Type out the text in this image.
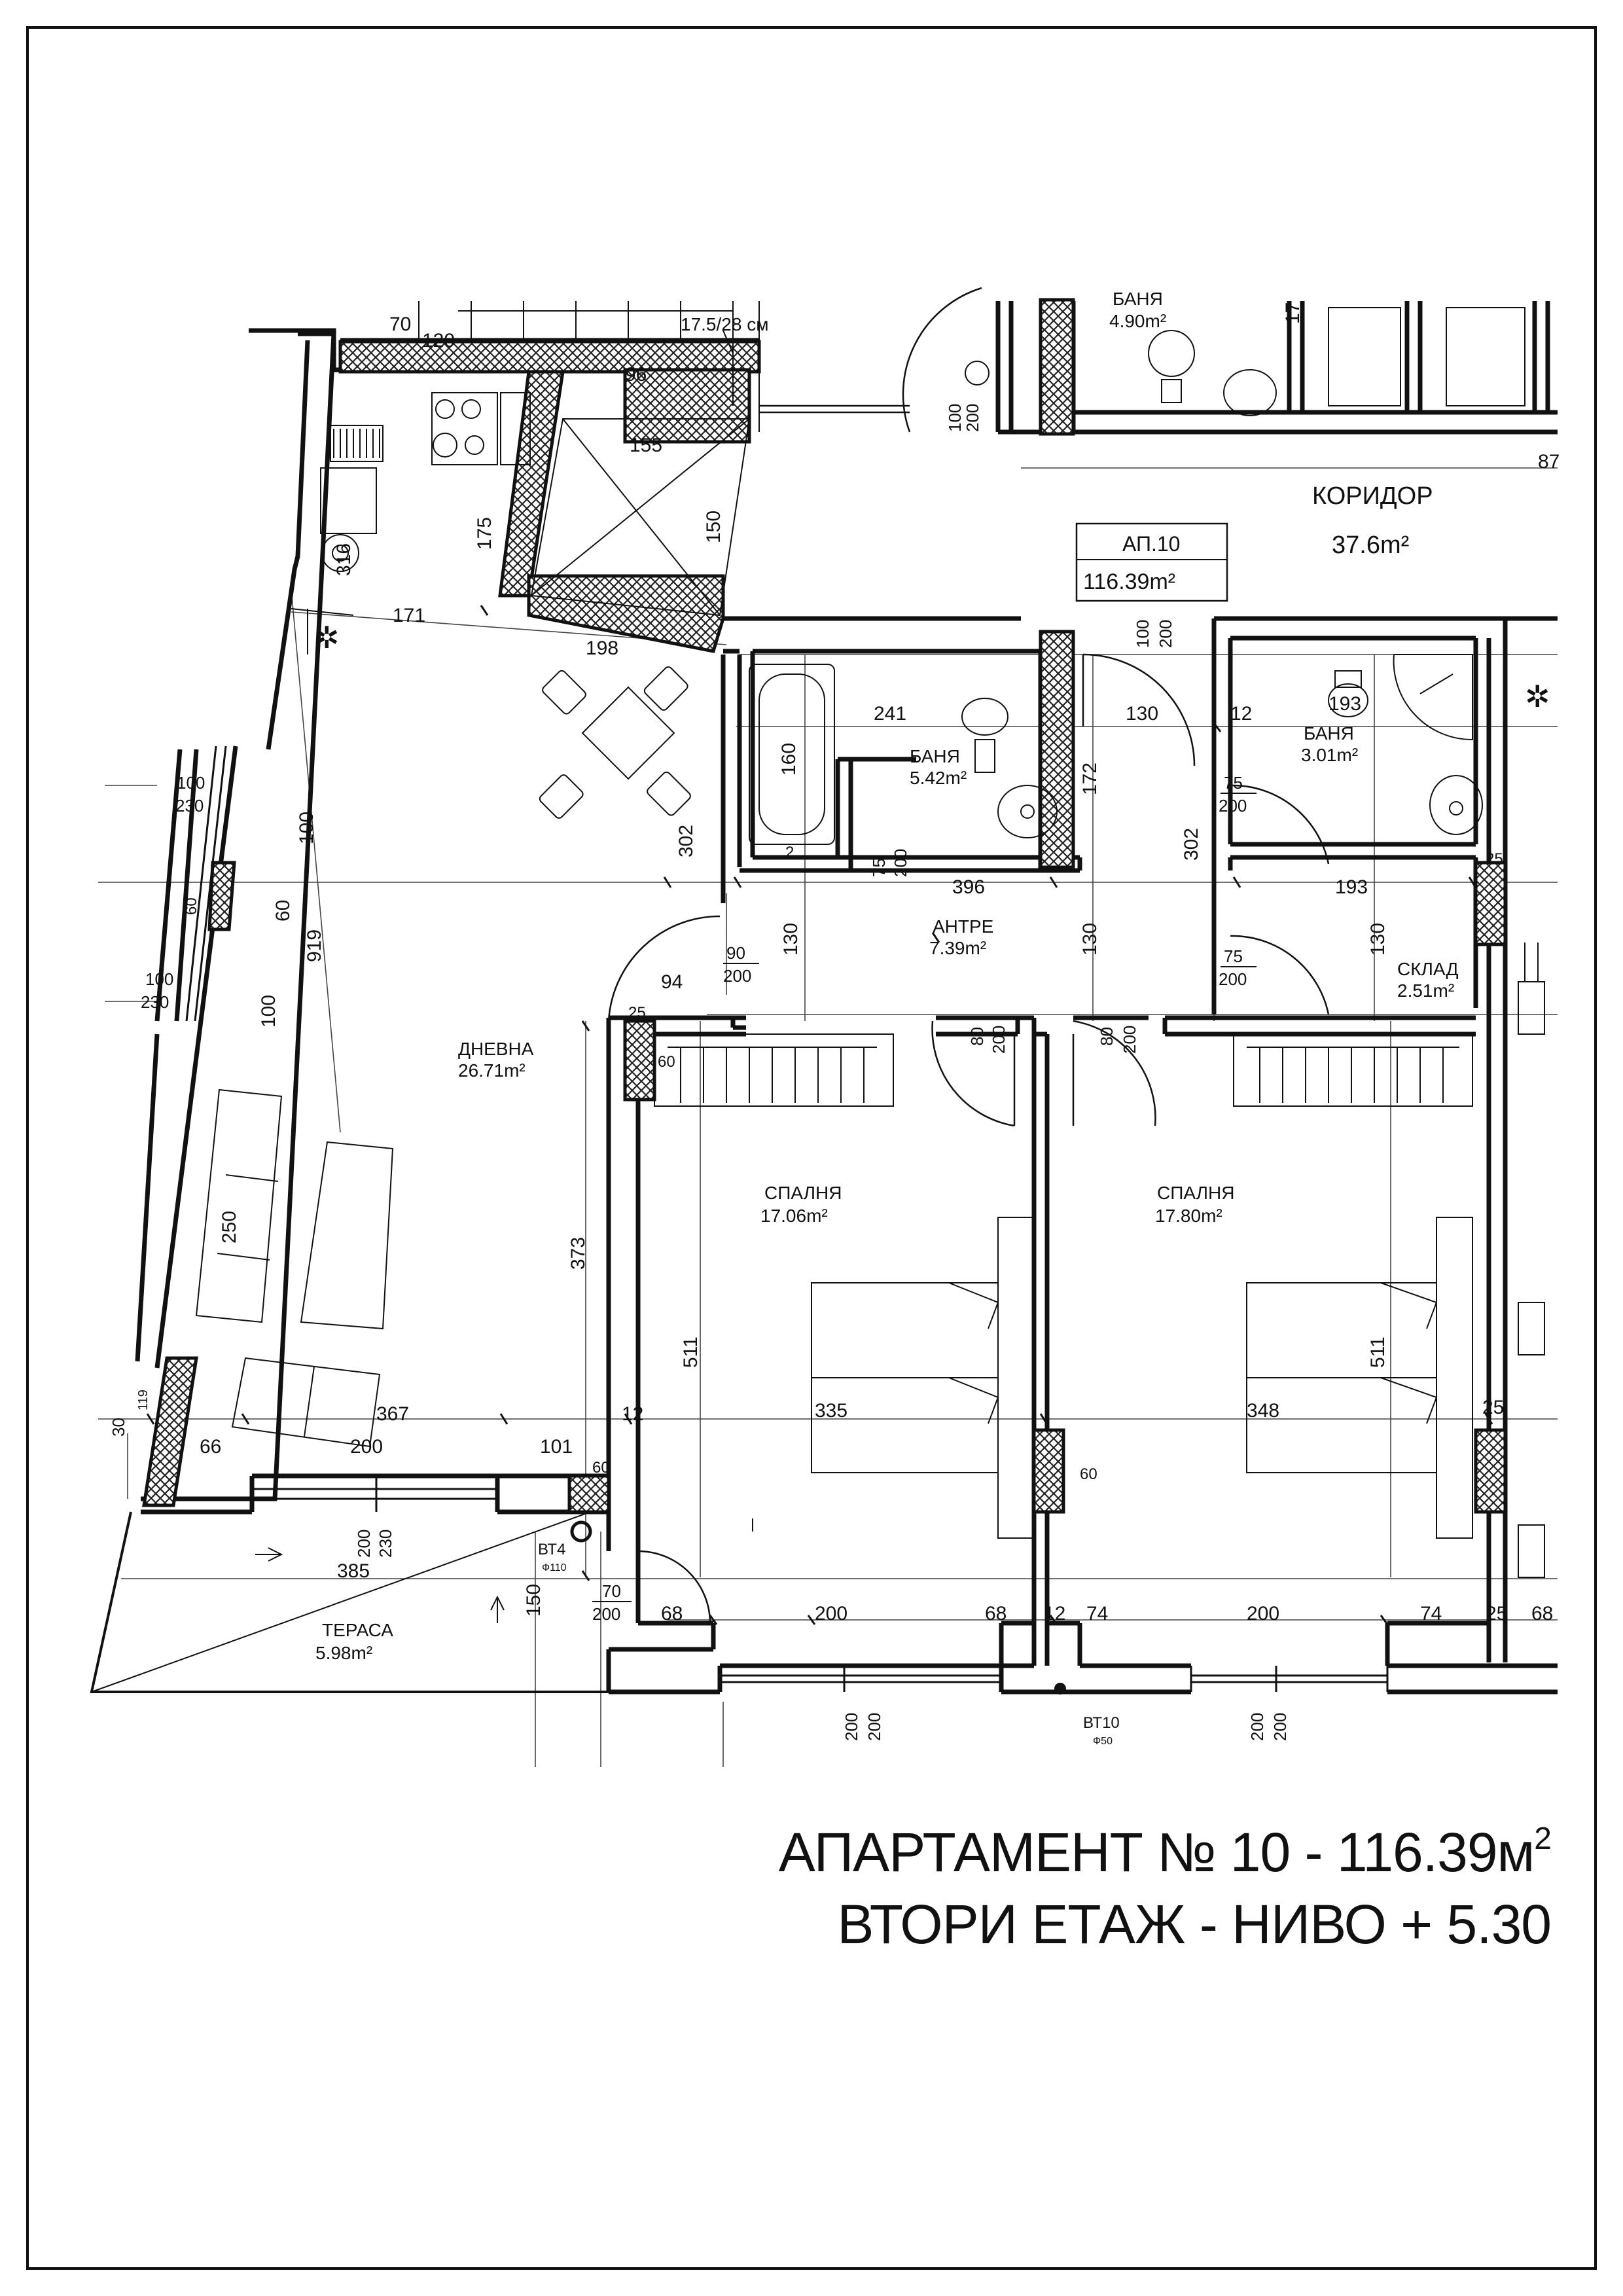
✲
✲
ДНЕВНА
26.71m²
БАНЯ
5.42m²
БАНЯ
3.01m²
БАНЯ
4.90m²
АНТРЕ
7.39m²
СКЛАД
2.51m²
СПАЛНЯ
17.06m²
СПАЛНЯ
17.80m²
ТЕРАСА
5.98m²
КОРИДОР
37.6m²
АП.10
116.39m²
17.5/28 см
ВТ4
Ф110
ВТ10
Ф50
70
120
96
155
171
198
241	130	193
396	193
94
367	335	348
66	200	101
385
68	200	68	74	200	74	68
87
12	25
12
12
25
25
25
60
60
60
2
175	150
316
100
60
919
100
60
250
302	302
160
172
130	130	130
373
511	511
150
17
119
30
90
200
75 200
75
200
75
200
80 200	80 200
100 200
100
200
70
200
100
230
100
230
200 230
200 200	200 200
АПАРТАМЕНТ № $10 - 116.39м^2$
ВТОРИ ЕТАЖ - НИВО + 5.30
